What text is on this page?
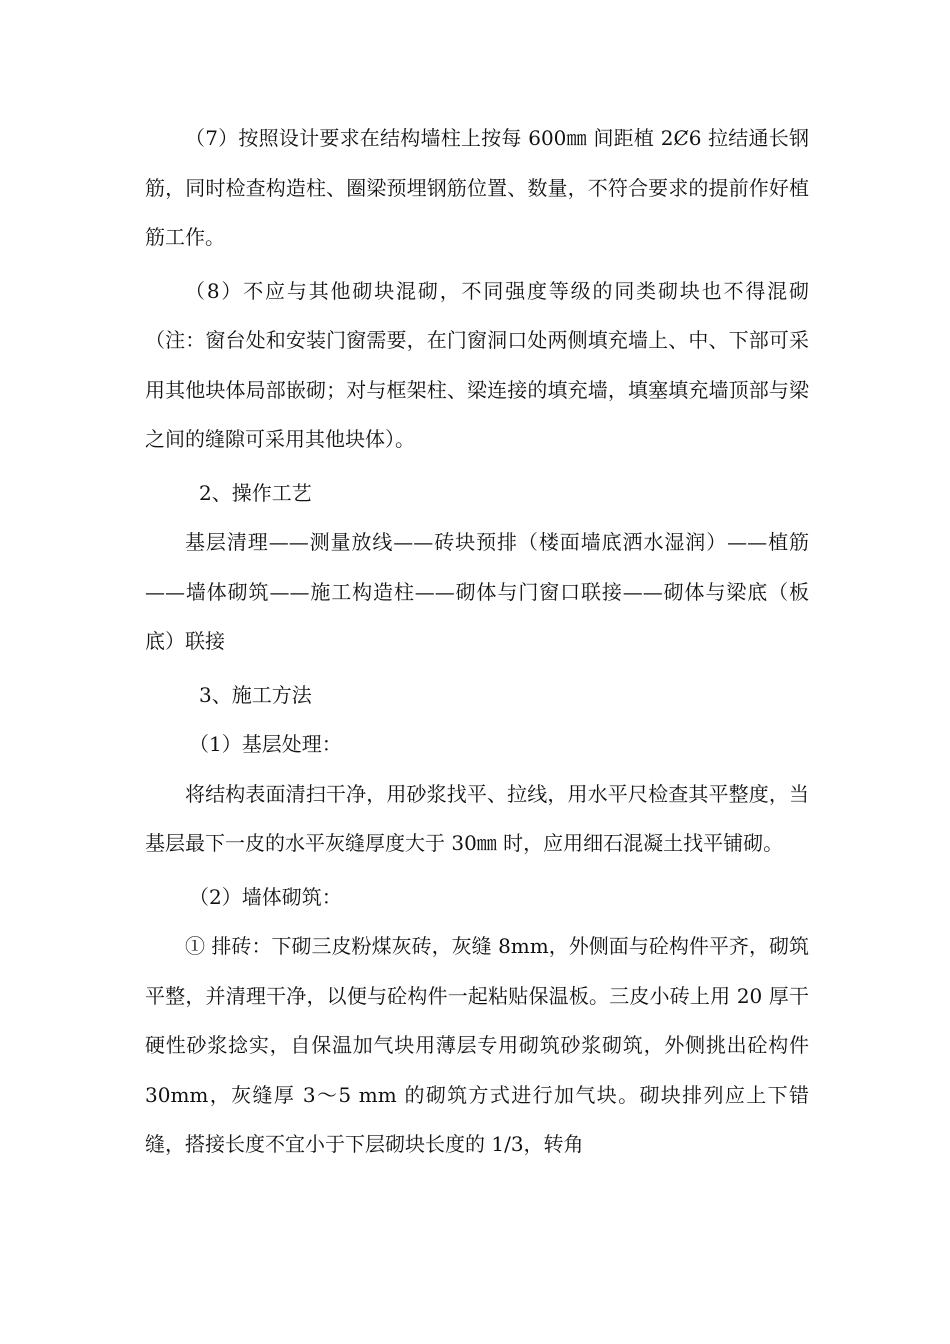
（7）按照设计要求在结构墙柱上按每 600㎜ 间距植 2Ȼ6 拉结通长钢筋，同时检查构造柱、圈梁预埋钢筋位置、数量，不符合要求的提前作好植筋工作。

（8）不应与其他砌块混砌，不同强度等级的同类砌块也不得混砌（注：窗台处和安装门窗需要，在门窗洞口处两侧填充墙上、中、下部可采用其他块体局部嵌砌；对与框架柱、梁连接的填充墙，填塞填充墙顶部与梁之间的缝隙可采用其他块体）。

2、操作工艺

基层清理——测量放线——砖块预排（楼面墙底洒水湿润）——植筋——墙体砌筑——施工构造柱——砌体与门窗口联接——砌体与梁底（板底）联接

3、施工方法

（1）基层处理：

将结构表面清扫干净，用砂浆找平、拉线，用水平尺检查其平整度，当基层最下一皮的水平灰缝厚度大于 30㎜ 时，应用细石混凝土找平铺砌。

（2）墙体砌筑：

① 排砖：下砌三皮粉煤灰砖，灰缝 8mm，外侧面与砼构件平齐，砌筑平整，并清理干净，以便与砼构件一起粘贴保温板。三皮小砖上用 20 厚干硬性砂浆捻实，自保温加气块用薄层专用砌筑砂浆砌筑，外侧挑出砼构件 30mm，灰缝厚 3～5 mm 的砌筑方式进行加气块。砌块排列应上下错缝，搭接长度不宜小于下层砌块长度的 1/3，转角
